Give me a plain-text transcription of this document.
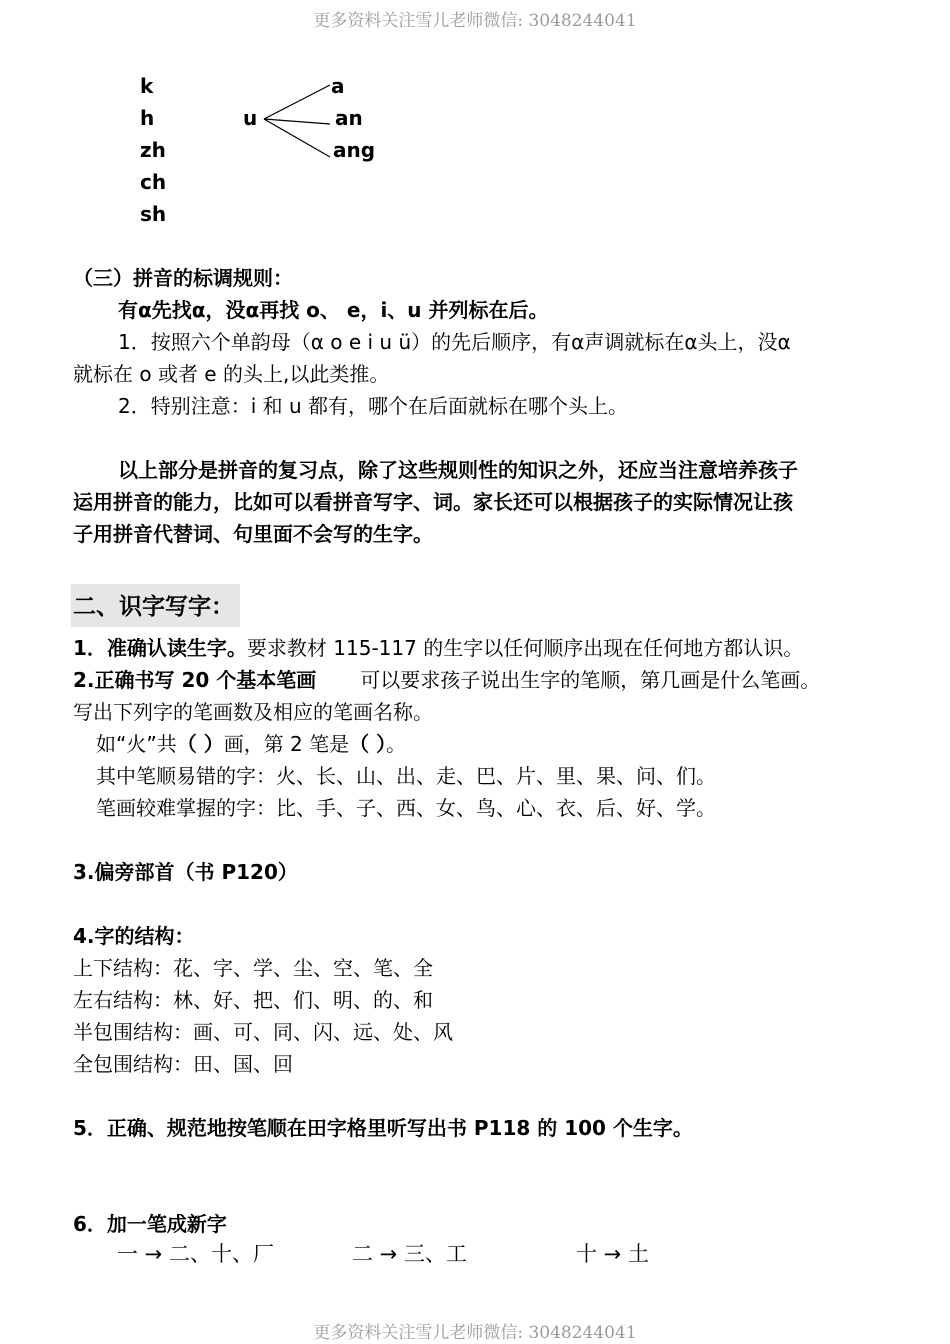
更多资料关注雪儿老师微信: 3048244041
k
h
zh
ch
sh
u
a
an
ang
（三）拼音的标调规则：
有α先找α，没α再找 o、 e，i、u 并列标在后。
1．按照六个单韵母（α o e i u ü）的先后顺序，有α声调就标在α头上，没α
就标在 o 或者 e 的头上,以此类推。
2．特别注意：i 和 u 都有，哪个在后面就标在哪个头上。
以上部分是拼音的复习点，除了这些规则性的知识之外，还应当注意培养孩子
运用拼音的能力，比如可以看拼音写字、词。家长还可以根据孩子的实际情况让孩
子用拼音代替词、句里面不会写的生字。
二、识字写字：
1．准确认读生字。要求教材 115-117 的生字以任何顺序出现在任何地方都认识。
2.正确书写 20 个基本笔画 可以要求孩子说出生字的笔顺，第几画是什么笔画。
写出下列字的笔画数及相应的笔画名称。
如“火”共（ ）画，第 2 笔是（ ）。
其中笔顺易错的字：火、长、山、出、走、巴、片、里、果、问、们。
笔画较难掌握的字：比、手、子、西、女、鸟、心、衣、后、好、学。
3.偏旁部首（书 P120）
4.字的结构：
上下结构：花、字、学、尘、空、笔、全
左右结构：林、好、把、们、明、的、和
半包围结构：画、可、同、闪、远、处、风
全包围结构：田、国、回
5．正确、规范地按笔顺在田字格里听写出书 P118 的 100 个生字。
6．加一笔成新字
一 → 二、十、厂	二 → 三、工	十 → 土
更多资料关注雪儿老师微信: 3048244041
